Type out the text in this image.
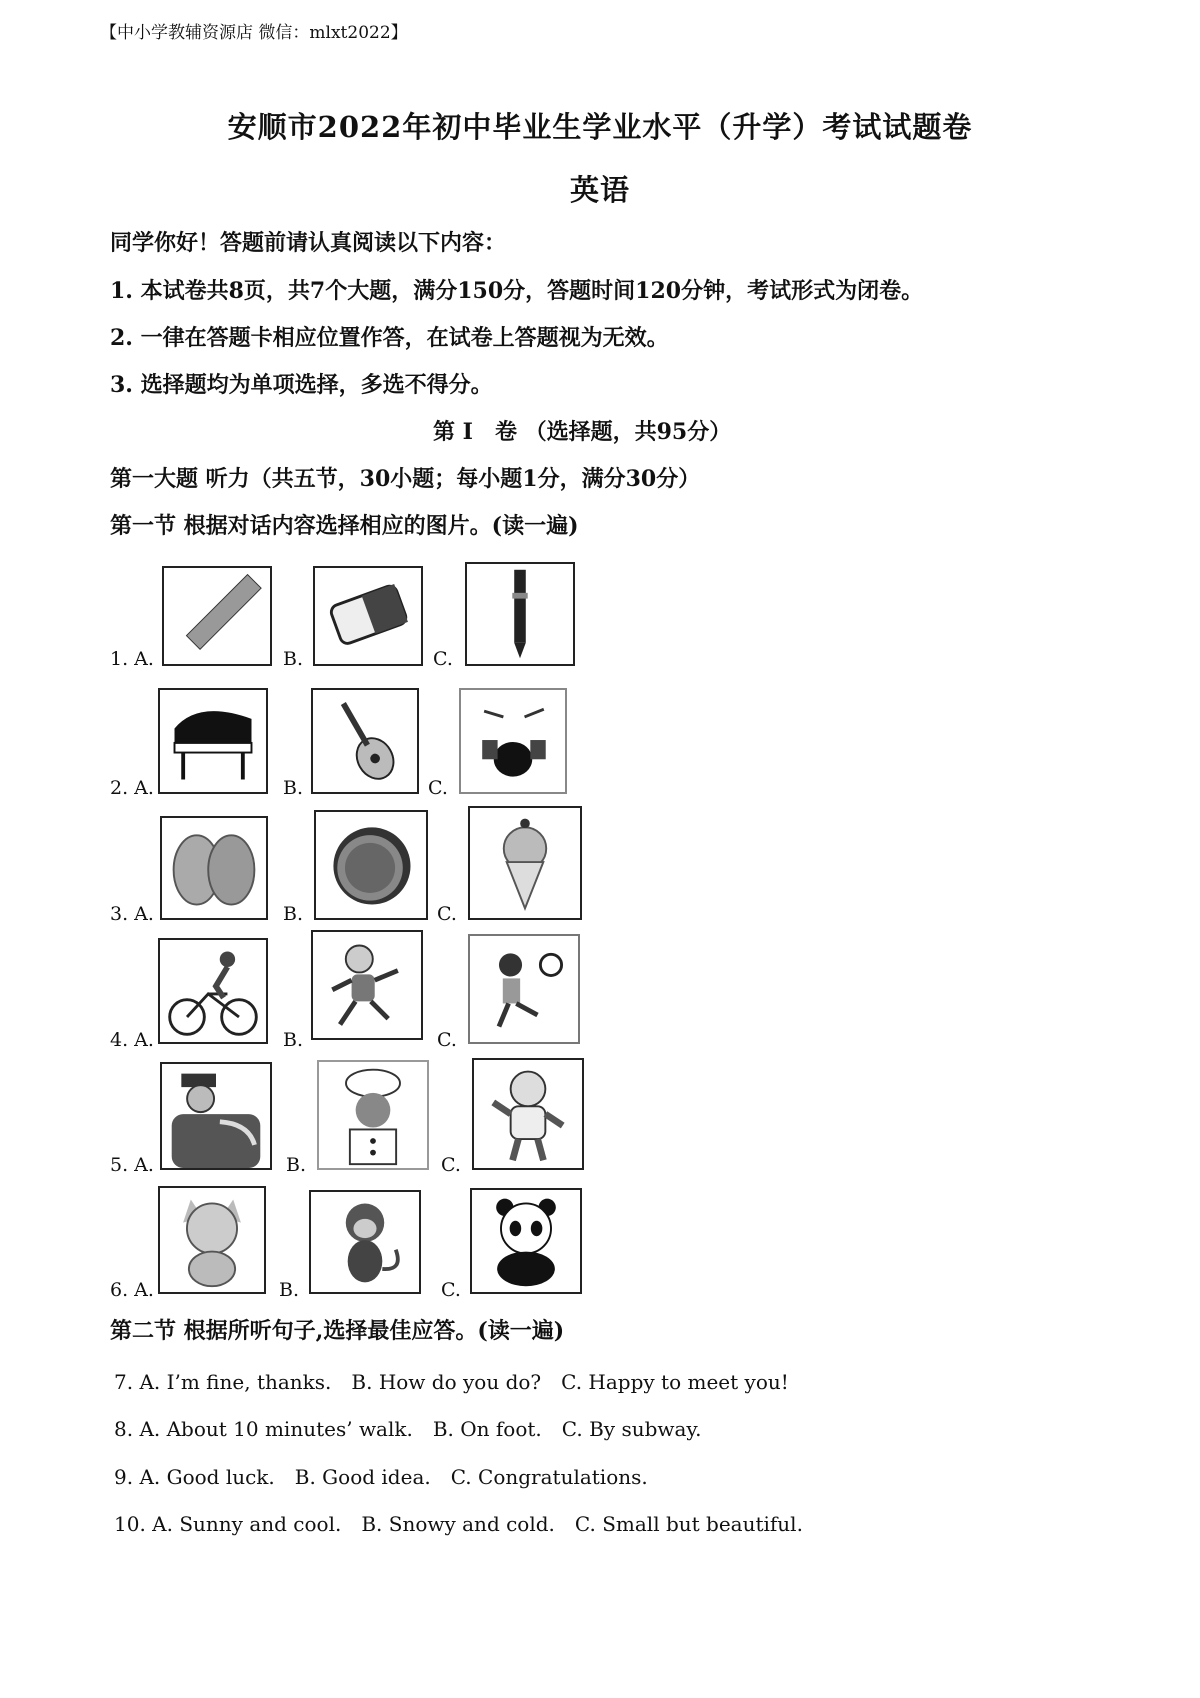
【中小学教辅资源店 微信：mlxt2022】
安顺市2022年初中毕业生学业水平（升学）考试试题卷
英语
同学你好！答题前请认真阅读以下内容：
1. 本试卷共8页，共7个大题，满分150分，答题时间120分钟，考试形式为闭卷。
2. 一律在答题卡相应位置作答，在试卷上答题视为无效。
3. 选择题均为单项选择，多选不得分。
第 I　卷 （选择题，共95分）
第一大题 听力（共五节，30小题；每小题1分，满分30分）
第一节 根据对话内容选择相应的图片。(读一遍)
1. A.	B.	C.
2. A.	B.	C.
3. A.	B.	C.
4. A.	B.	C.
5. A.	B.	C.
6. A.	B.	C.
第二节 根据所听句子,选择最佳应答。(读一遍)
7. A. I’m fine, thanks.　B. How do you do?　C. Happy to meet you!
8. A. About 10 minutes’ walk.　B. On foot.　C. By subway.
9. A. Good luck.　B. Good idea.　C. Congratulations.
10. A. Sunny and cool.　B. Snowy and cold.　C. Small but beautiful.
